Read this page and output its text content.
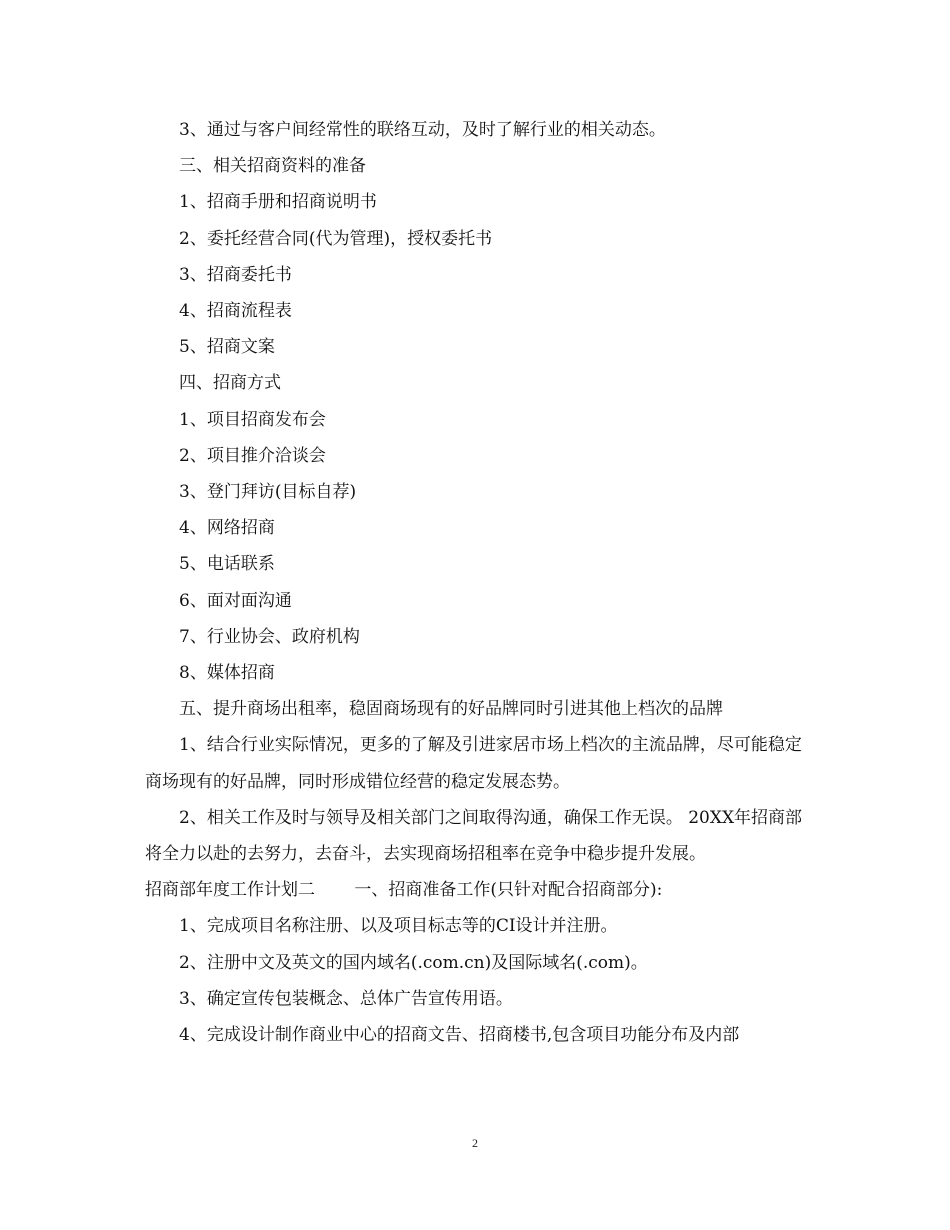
3、通过与客户间经常性的联络互动，及时了解行业的相关动态。

三、相关招商资料的准备

1、招商手册和招商说明书

2、委托经营合同(代为管理)，授权委托书

3、招商委托书

4、招商流程表

5、招商文案

四、招商方式

1、项目招商发布会

2、项目推介洽谈会

3、登门拜访(目标自荐)

4、网络招商

5、电话联系

6、面对面沟通

7、行业协会、政府机构

8、媒体招商

五、提升商场出租率，稳固商场现有的好品牌同时引进其他上档次的品牌

1、结合行业实际情况，更多的了解及引进家居市场上档次的主流品牌，尽可能稳定商场现有的好品牌，同时形成错位经营的稳定发展态势。

2、相关工作及时与领导及相关部门之间取得沟通，确保工作无误。 20XX年招商部将全力以赴的去努力，去奋斗，去实现商场招租率在竞争中稳步提升发展。

招商部年度工作计划二　　 一、招商准备工作(只针对配合招商部分):

1、完成项目名称注册、以及项目标志等的CI设计并注册。

2、注册中文及英文的国内域名(.com.cn)及国际域名(.com)。

3、确定宣传包装概念、总体广告宣传用语。

4、完成设计制作商业中心的招商文告、招商楼书,包含项目功能分布及内部

2
